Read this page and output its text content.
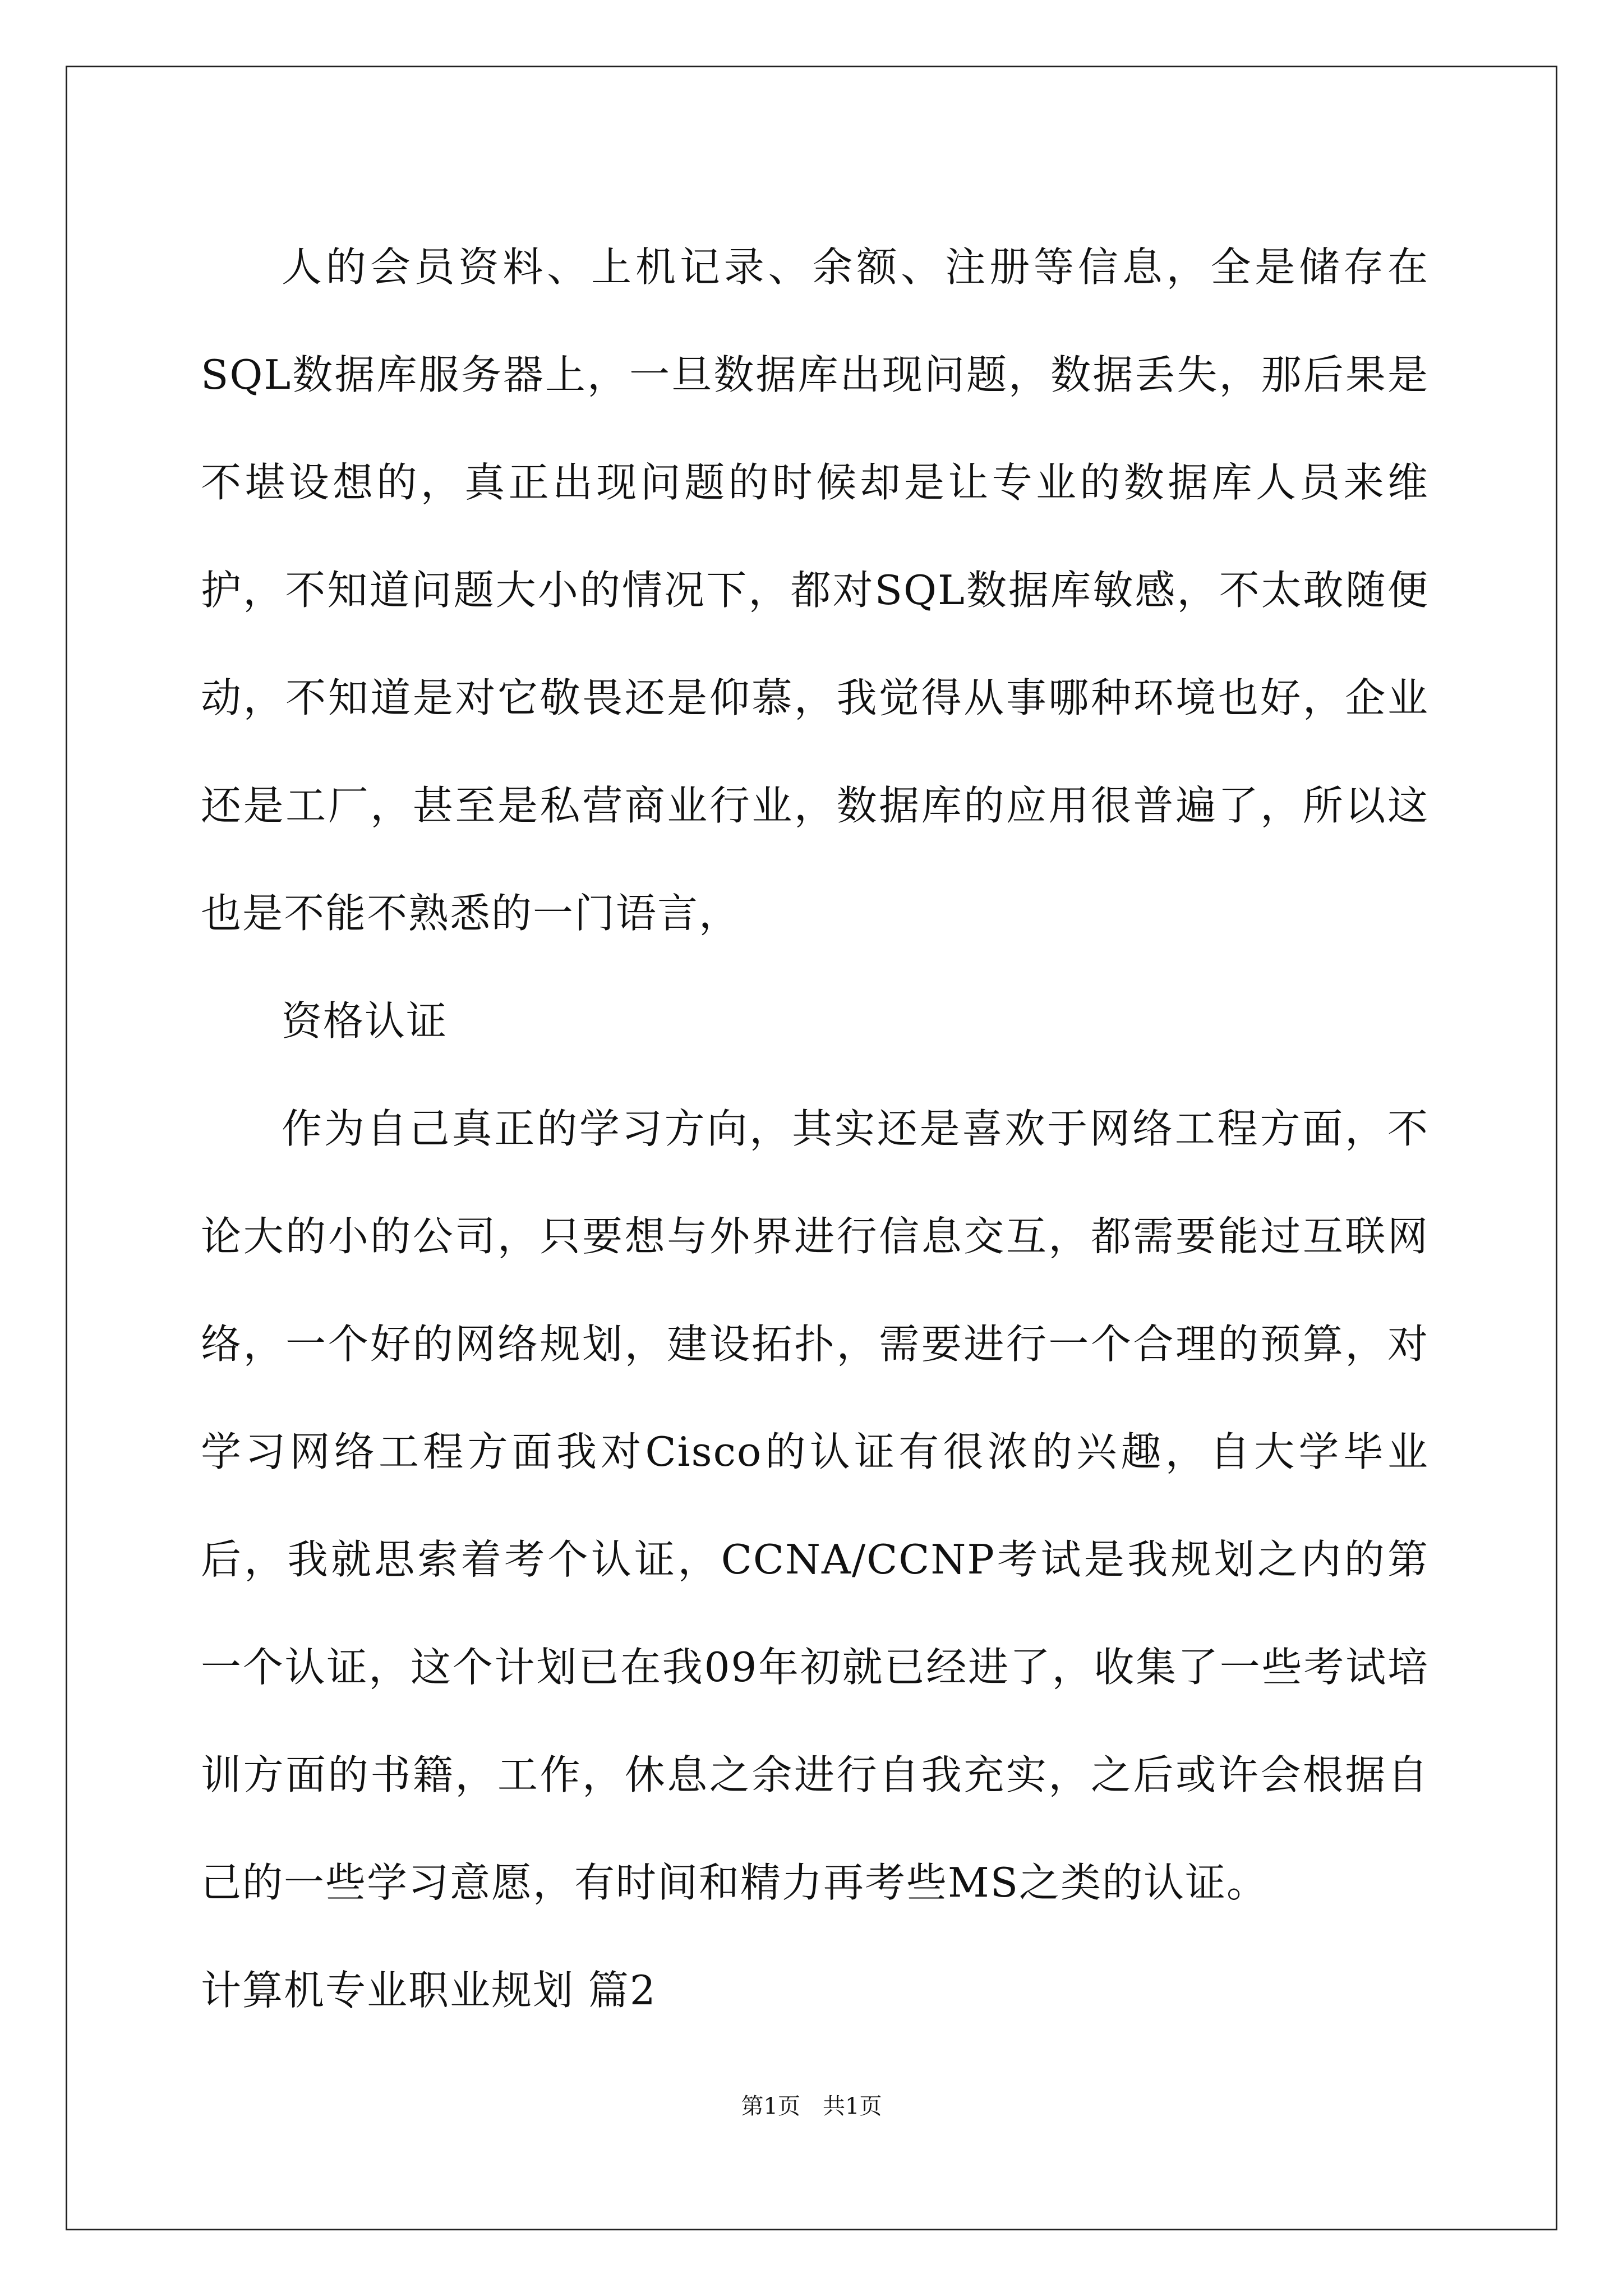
人的会员资料、上机记录、余额、注册等信息，全是储存在SQL数据库服务器上，一旦数据库出现问题，数据丢失，那后果是不堪设想的，真正出现问题的时候却是让专业的数据库人员来维护，不知道问题大小的情况下，都对SQL数据库敏感，不太敢随便动，不知道是对它敬畏还是仰慕，我觉得从事哪种环境也好，企业还是工厂，甚至是私营商业行业，数据库的应用很普遍了，所以这也是不能不熟悉的一门语言，

资格认证

作为自己真正的学习方向，其实还是喜欢于网络工程方面，不论大的小的公司，只要想与外界进行信息交互，都需要能过互联网络，一个好的网络规划，建设拓扑，需要进行一个合理的预算，对学习网络工程方面我对Cisco的认证有很浓的兴趣，自大学毕业后，我就思索着考个认证，CCNA/CCNP考试是我规划之内的第一个认证，这个计划已在我09年初就已经进了，收集了一些考试培训方面的书籍，工作，休息之余进行自我充实，之后或许会根据自己的一些学习意愿，有时间和精力再考些MS之类的认证。

计算机专业职业规划 篇2

第1页　共1页
